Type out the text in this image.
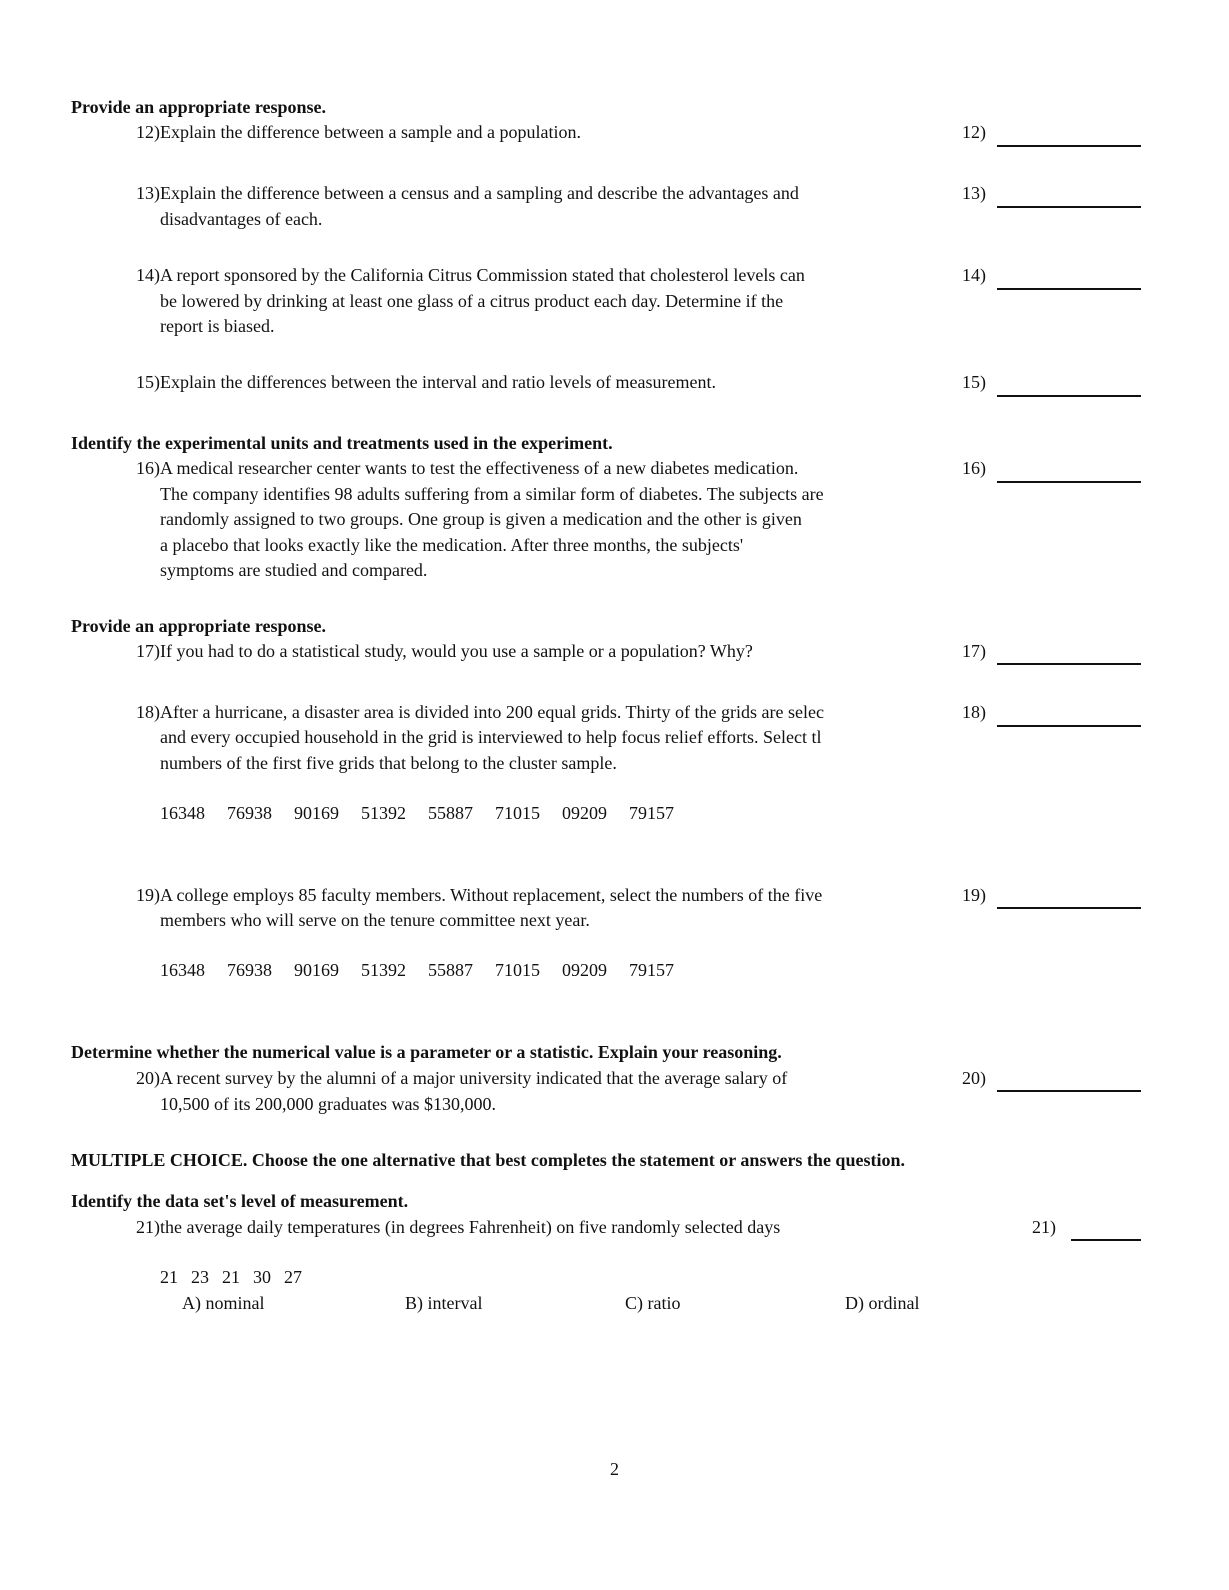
Provide an appropriate response.
12) Explain the difference between a sample and a population.	12)
13) Explain the difference between a census and a sampling and describe the advantages and
disadvantages of each.
13)
14) A report sponsored by the California Citrus Commission stated that cholesterol levels can
be lowered by drinking at least one glass of a citrus product each day. Determine if the
report is biased.
14)
15) Explain the differences between the interval and ratio levels of measurement.	15)
Identify the experimental units and treatments used in the experiment.
16) A medical researcher center wants to test the effectiveness of a new diabetes medication.
The company identifies 98 adults suffering from a similar form of diabetes. The subjects are
randomly assigned to two groups. One group is given a medication and the other is given
a placebo that looks exactly like the medication. After three months, the subjects'
symptoms are studied and compared.
16)
Provide an appropriate response.
17) If you had to do a statistical study, would you use a sample or a population? Why?	17)
18) After a hurricane, a disaster area is divided into 200 equal grids. Thirty of the grids are selec
and every occupied household in the grid is interviewed to help focus relief efforts. Select tl
numbers of the first five grids that belong to the cluster sample.
18)
16348 76938 90169 51392 55887 71015 09209 79157
19) A college employs 85 faculty members. Without replacement, select the numbers of the five
members who will serve on the tenure committee next year.
19)
16348 76938 90169 51392 55887 71015 09209 79157
Determine whether the numerical value is a parameter or a statistic. Explain your reasoning.
20) A recent survey by the alumni of a major university indicated that the average salary of
10,500 of its 200,000 graduates was $130,000.
20)
MULTIPLE CHOICE. Choose the one alternative that best completes the statement or answers the question.
Identify the data set's level of measurement.
21) the average daily temperatures (in degrees Fahrenheit) on five randomly selected days	21)
21 23 21 30 27
A) nominal	B) interval	C) ratio	D) ordinal
2
